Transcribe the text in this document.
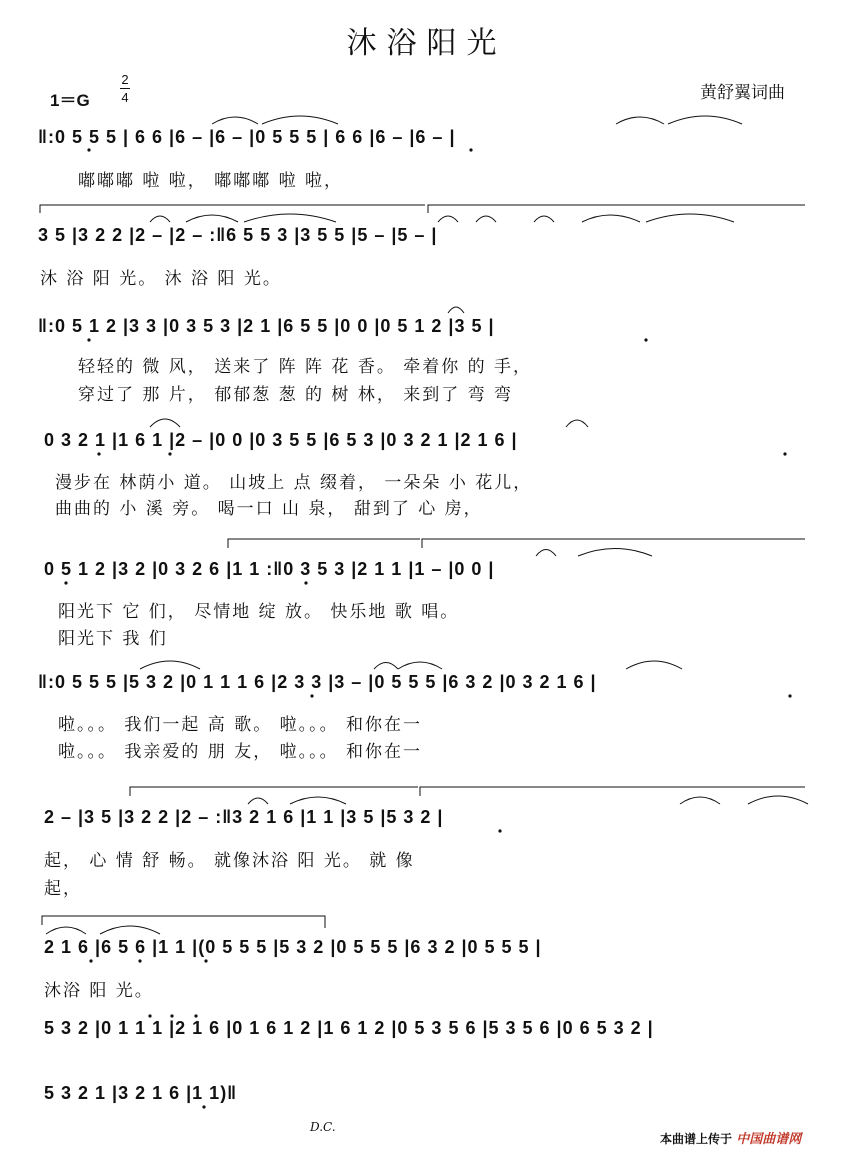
沐浴阳光
1＝G
2
4	黄舒翼词曲
‖:0 5 5 5 | 6 6 |6 – |6 – |0 5 5 5 | 6 6 |6 – |6 – |
嘟嘟嘟 啦 啦， 嘟嘟嘟 啦 啦，
3 5 |3 2 2 |2 – |2 – :‖6 5 5 3 |3 5 5 |5 – |5 – |
沐 浴 阳 光。 沐 浴 阳 光。
‖:0 5 1 2 |3 3 |0 3 5 3 |2 1 |6 5 5 |0 0 |0 5 1 2 |3 5 |
轻轻的 微 风， 送来了 阵 阵 花 香。 牵着你 的 手，
穿过了 那 片， 郁郁葱 葱 的 树 林， 来到了 弯 弯
0 3 2 1 |1 6 1 |2 – |0 0 |0 3 5 5 |6 5 3 |0 3 2 1 |2 1 6 |
漫步在 林荫小 道。 山坡上 点 缀着， 一朵朵 小 花儿，
曲曲的 小 溪 旁。 喝一口 山 泉， 甜到了 心 房，
0 5 1 2 |3 2 |0 3 2 6 |1 1 :‖0 3 5 3 |2 1 1 |1 – |0 0 |
阳光下 它 们， 尽情地 绽 放。 快乐地 歌 唱。
阳光下 我 们
‖:0 5 5 5 |5 3 2 |0 1 1 1 6 |2 3 3 |3 – |0 5 5 5 |6 3 2 |0 3 2 1 6 |
啦。。。 我们一起 高 歌。 啦。。。 和你在一
啦。。。 我亲爱的 朋 友， 啦。。。 和你在一
2 – |3 5 |3 2 2 |2 – :‖3 2 1 6 |1 1 |3 5 |5 3 2 |
起， 心 情 舒 畅。 就像沐浴 阳 光。 就 像
起，
2 1 6 |6 5 6 |1 1 |(0 5 5 5 |5 3 2 |0 5 5 5 |6 3 2 |0 5 5 5 |
沐浴 阳 光。
5 3 2 |0 1 1 1 |2 1 6 |0 1 6 1 2 |1 6 1 2 |0 5 3 5 6 |5 3 5 6 |0 6 5 3 2 |
5 3 2 1 |3 2 1 6 |1 1)‖
D.C.
本曲谱上传于 中国曲谱网
